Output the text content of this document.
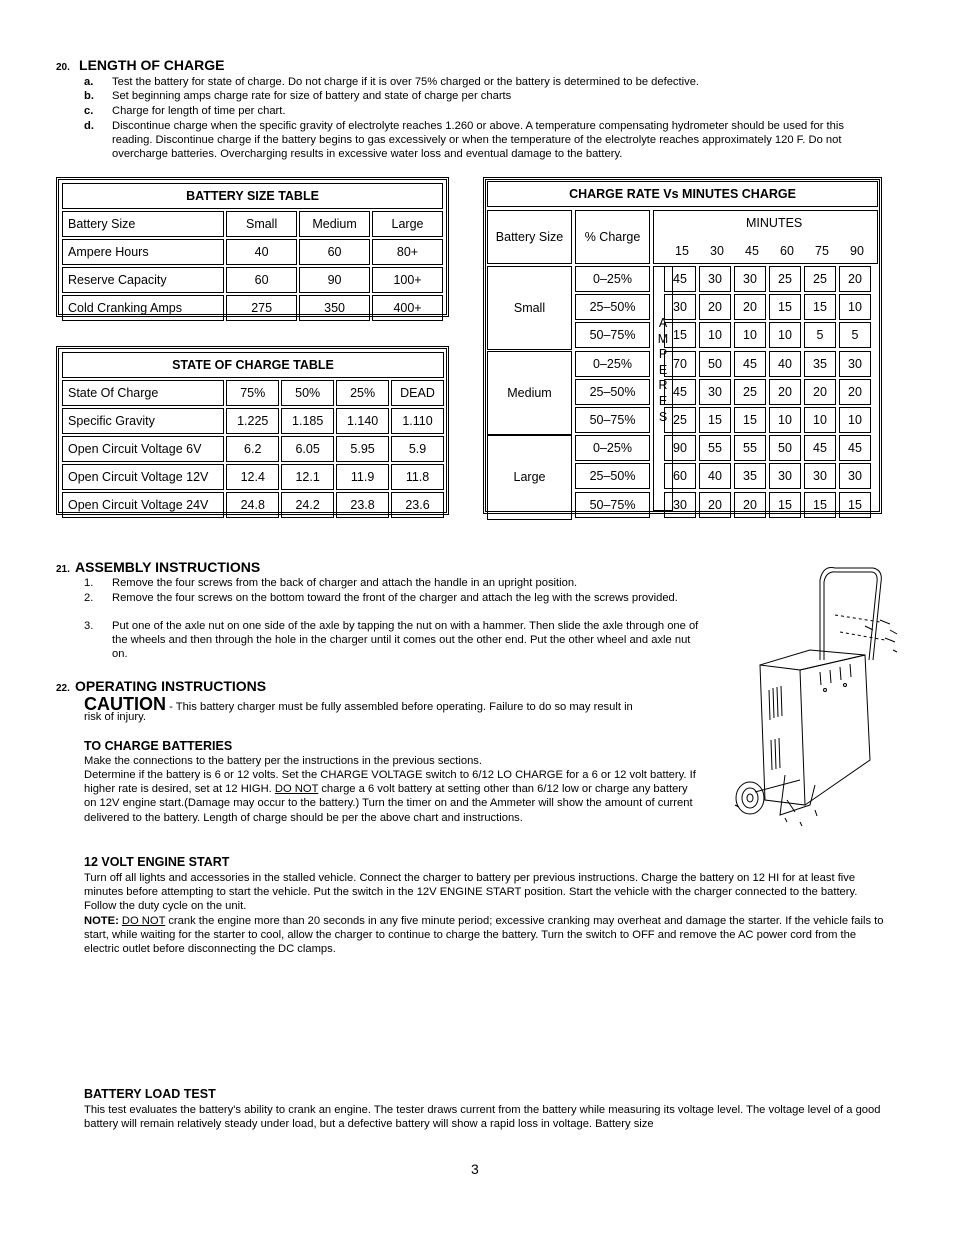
20. LENGTH OF CHARGE
a. Test the battery for state of charge. Do not charge if it is over 75% charged or the battery is determined to be defective.
b. Set beginning amps charge rate for size of battery and state of charge per charts
c. Charge for length of time per chart.
d. Discontinue charge when the specific gravity of electrolyte reaches 1.260 or above. A temperature compensating hydrometer should be used for this reading. Discontinue charge if the battery begins to gas excessively or when the temperature of the electrolyte reaches approximately 120 F. Do not overcharge batteries. Overcharging results in excessive water loss and eventual damage to the battery.
BATTERY SIZE TABLE			
Battery Size	Small	Medium	Large
Ampere Hours	40	60	80+
Reserve Capacity	60	90	100+
Cold Cranking Amps	275	350	400+
STATE OF CHARGE TABLE				
State Of Charge	75%	50%	25%	DEAD
Specific Gravity	1.225	1.185	1.140	1.110
Open Circuit Voltage 6V	6.2	6.05	5.95	5.9
Open Circuit Voltage 12V	12.4	12.1	11.9	11.8
Open Circuit Voltage 24V	24.8	24.2	23.8	23.6
CHARGE RATE Vs MINUTES CHARGE
Battery Size	% Charge
MINUTES
15	30	45	60	75	90
A
M
P
E
R
E
S
Small
0–25%	45	30	30	25	25	20
25–50%	30	20	20	15	15	10
50–75%	15	10	10	10	5	5
Medium
0–25%	70	50	45	40	35	30
25–50%	45	30	25	20	20	20
50–75%	25	15	15	10	10	10
Large
0–25%	90	55	55	50	45	45
25–50%	60	40	35	30	30	30
50–75%	30	20	20	15	15	15
21. ASSEMBLY INSTRUCTIONS
1. Remove the four screws from the back of charger and attach the handle in an upright position.
2. Remove the four screws on the bottom toward the front of the charger and attach the leg with the screws provided.
3. Put one of the axle nut on one side of the axle by tapping the nut on with a hammer. Then slide the axle through one of the wheels and then through the hole in the charger until it comes out the other end. Put the other wheel and axle nut on.
22. OPERATING INSTRUCTIONS
risk of injury.
CAUTION - This battery charger must be fully assembled before operating. Failure to do so may result in
TO CHARGE BATTERIES
Make the connections to the battery per the instructions in the previous sections.
Determine if the battery is 6 or 12 volts. Set the CHARGE VOLTAGE switch to 6/12 LO CHARGE for a 6 or 12 volt battery. If higher rate is desired, set at 12 HIGH. DO NOT charge a 6 volt battery at setting other than 6/12 low or charge any battery on 12V engine start.(Damage may occur to the battery.) Turn the timer on and the Ammeter will show the amount of current delivered to the battery. Length of charge should be per the above chart and instructions.
12 VOLT ENGINE START
Turn off all lights and accessories in the stalled vehicle. Connect the charger to battery per previous instructions. Charge the battery on 12 HI for at least five minutes before attempting to start the vehicle. Put the switch in the 12V ENGINE START position. Start the vehicle with the charger connected to the battery. Follow the duty cycle on the unit.
NOTE: DO NOT crank the engine more than 20 seconds in any five minute period; excessive cranking may overheat and damage the starter. If the vehicle fails to start, while waiting for the starter to cool, allow the charger to continue to charge the battery. Turn the switch to OFF and remove the AC power cord from the electric outlet before disconnecting the DC clamps.
BATTERY LOAD TEST
This test evaluates the battery's ability to crank an engine. The tester draws current from the battery while measuring its voltage level. The voltage level of a good battery will remain relatively steady under load, but a defective battery will show a rapid loss in voltage. Battery size
3
